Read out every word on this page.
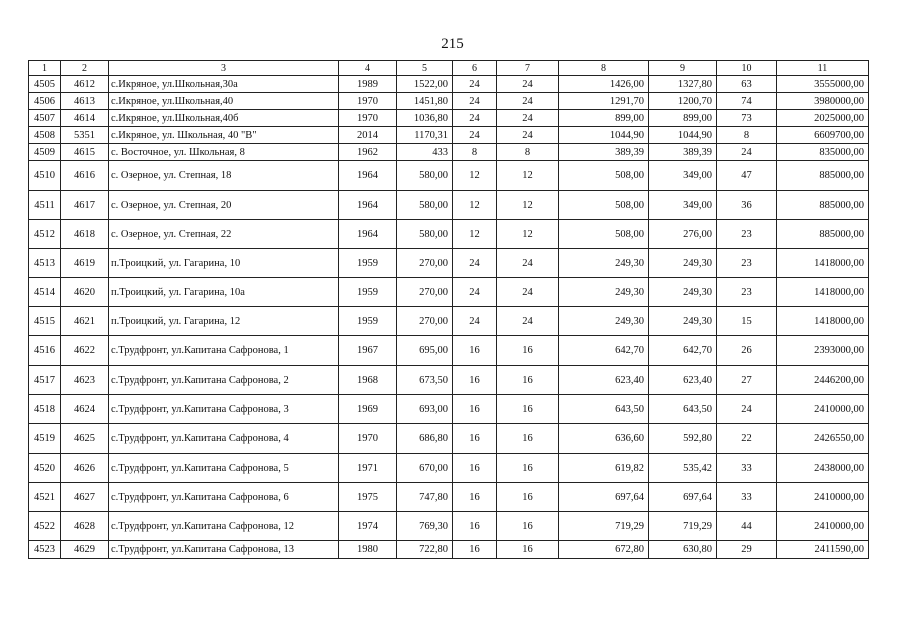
215
1	2	3	4	5	6	7	8	9	10	11
4505	4612	с.Икряное, ул.Школьная,30а	1989	1522,00	24	24	1426,00	1327,80	63	3555000,00
4506	4613	с.Икряное, ул.Школьная,40	1970	1451,80	24	24	1291,70	1200,70	74	3980000,00
4507	4614	с.Икряное, ул.Школьная,40б	1970	1036,80	24	24	899,00	899,00	73	2025000,00
4508	5351	с.Икряное, ул. Школьная, 40 "В"	2014	1170,31	24	24	1044,90	1044,90	8	6609700,00
4509	4615	с. Восточное, ул. Школьная, 8	1962	433	8	8	389,39	389,39	24	835000,00
4510	4616	с. Озерное, ул. Степная, 18	1964	580,00	12	12	508,00	349,00	47	885000,00
4511	4617	с. Озерное, ул. Степная, 20	1964	580,00	12	12	508,00	349,00	36	885000,00
4512	4618	с. Озерное, ул. Степная, 22	1964	580,00	12	12	508,00	276,00	23	885000,00
4513	4619	п.Троицкий, ул. Гагарина, 10	1959	270,00	24	24	249,30	249,30	23	1418000,00
4514	4620	п.Троицкий, ул. Гагарина, 10а	1959	270,00	24	24	249,30	249,30	23	1418000,00
4515	4621	п.Троицкий, ул. Гагарина, 12	1959	270,00	24	24	249,30	249,30	15	1418000,00
4516	4622	с.Трудфронт, ул.Капитана Сафронова, 1	1967	695,00	16	16	642,70	642,70	26	2393000,00
4517	4623	с.Трудфронт, ул.Капитана Сафронова, 2	1968	673,50	16	16	623,40	623,40	27	2446200,00
4518	4624	с.Трудфронт, ул.Капитана Сафронова, 3	1969	693,00	16	16	643,50	643,50	24	2410000,00
4519	4625	с.Трудфронт, ул.Капитана Сафронова, 4	1970	686,80	16	16	636,60	592,80	22	2426550,00
4520	4626	с.Трудфронт, ул.Капитана Сафронова, 5	1971	670,00	16	16	619,82	535,42	33	2438000,00
4521	4627	с.Трудфронт, ул.Капитана Сафронова, 6	1975	747,80	16	16	697,64	697,64	33	2410000,00
4522	4628	с.Трудфронт, ул.Капитана Сафронова, 12	1974	769,30	16	16	719,29	719,29	44	2410000,00
4523	4629	с.Трудфронт, ул.Капитана Сафронова, 13	1980	722,80	16	16	672,80	630,80	29	2411590,00
